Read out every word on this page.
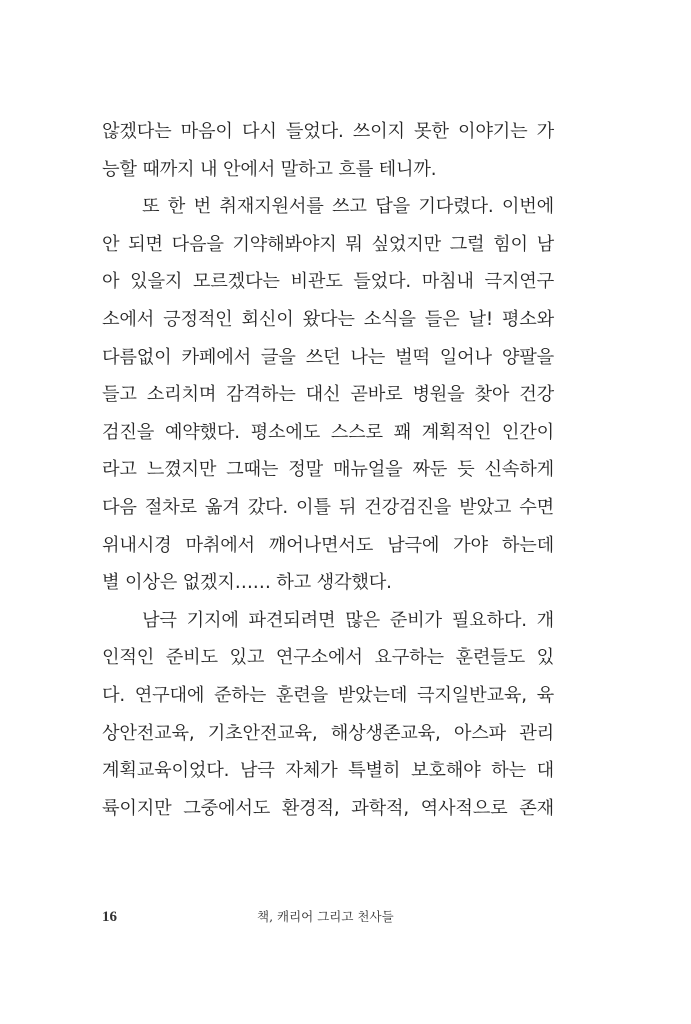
않겠다는 마음이 다시 들었다. 쓰이지 못한 이야기는 가
능할 때까지 내 안에서 말하고 흐를 테니까.
또 한 번 취재지원서를 쓰고 답을 기다렸다. 이번에
안 되면 다음을 기약해봐야지 뭐 싶었지만 그럴 힘이 남
아 있을지 모르겠다는 비관도 들었다. 마침내 극지연구
소에서 긍정적인 회신이 왔다는 소식을 들은 날! 평소와
다름없이 카페에서 글을 쓰던 나는 벌떡 일어나 양팔을
들고 소리치며 감격하는 대신 곧바로 병원을 찾아 건강
검진을 예약했다. 평소에도 스스로 꽤 계획적인 인간이
라고 느꼈지만 그때는 정말 매뉴얼을 짜둔 듯 신속하게
다음 절차로 옮겨 갔다. 이틀 뒤 건강검진을 받았고 수면
위내시경 마취에서 깨어나면서도 남극에 가야 하는데
별 이상은 없겠지…… 하고 생각했다.
남극 기지에 파견되려면 많은 준비가 필요하다. 개
인적인 준비도 있고 연구소에서 요구하는 훈련들도 있
다. 연구대에 준하는 훈련을 받았는데 극지일반교육, 육
상안전교육, 기초안전교육, 해상생존교육, 아스파 관리
계획교육이었다. 남극 자체가 특별히 보호해야 하는 대
륙이지만 그중에서도 환경적, 과학적, 역사적으로 존재
16	책, 캐리어 그리고 천사들
